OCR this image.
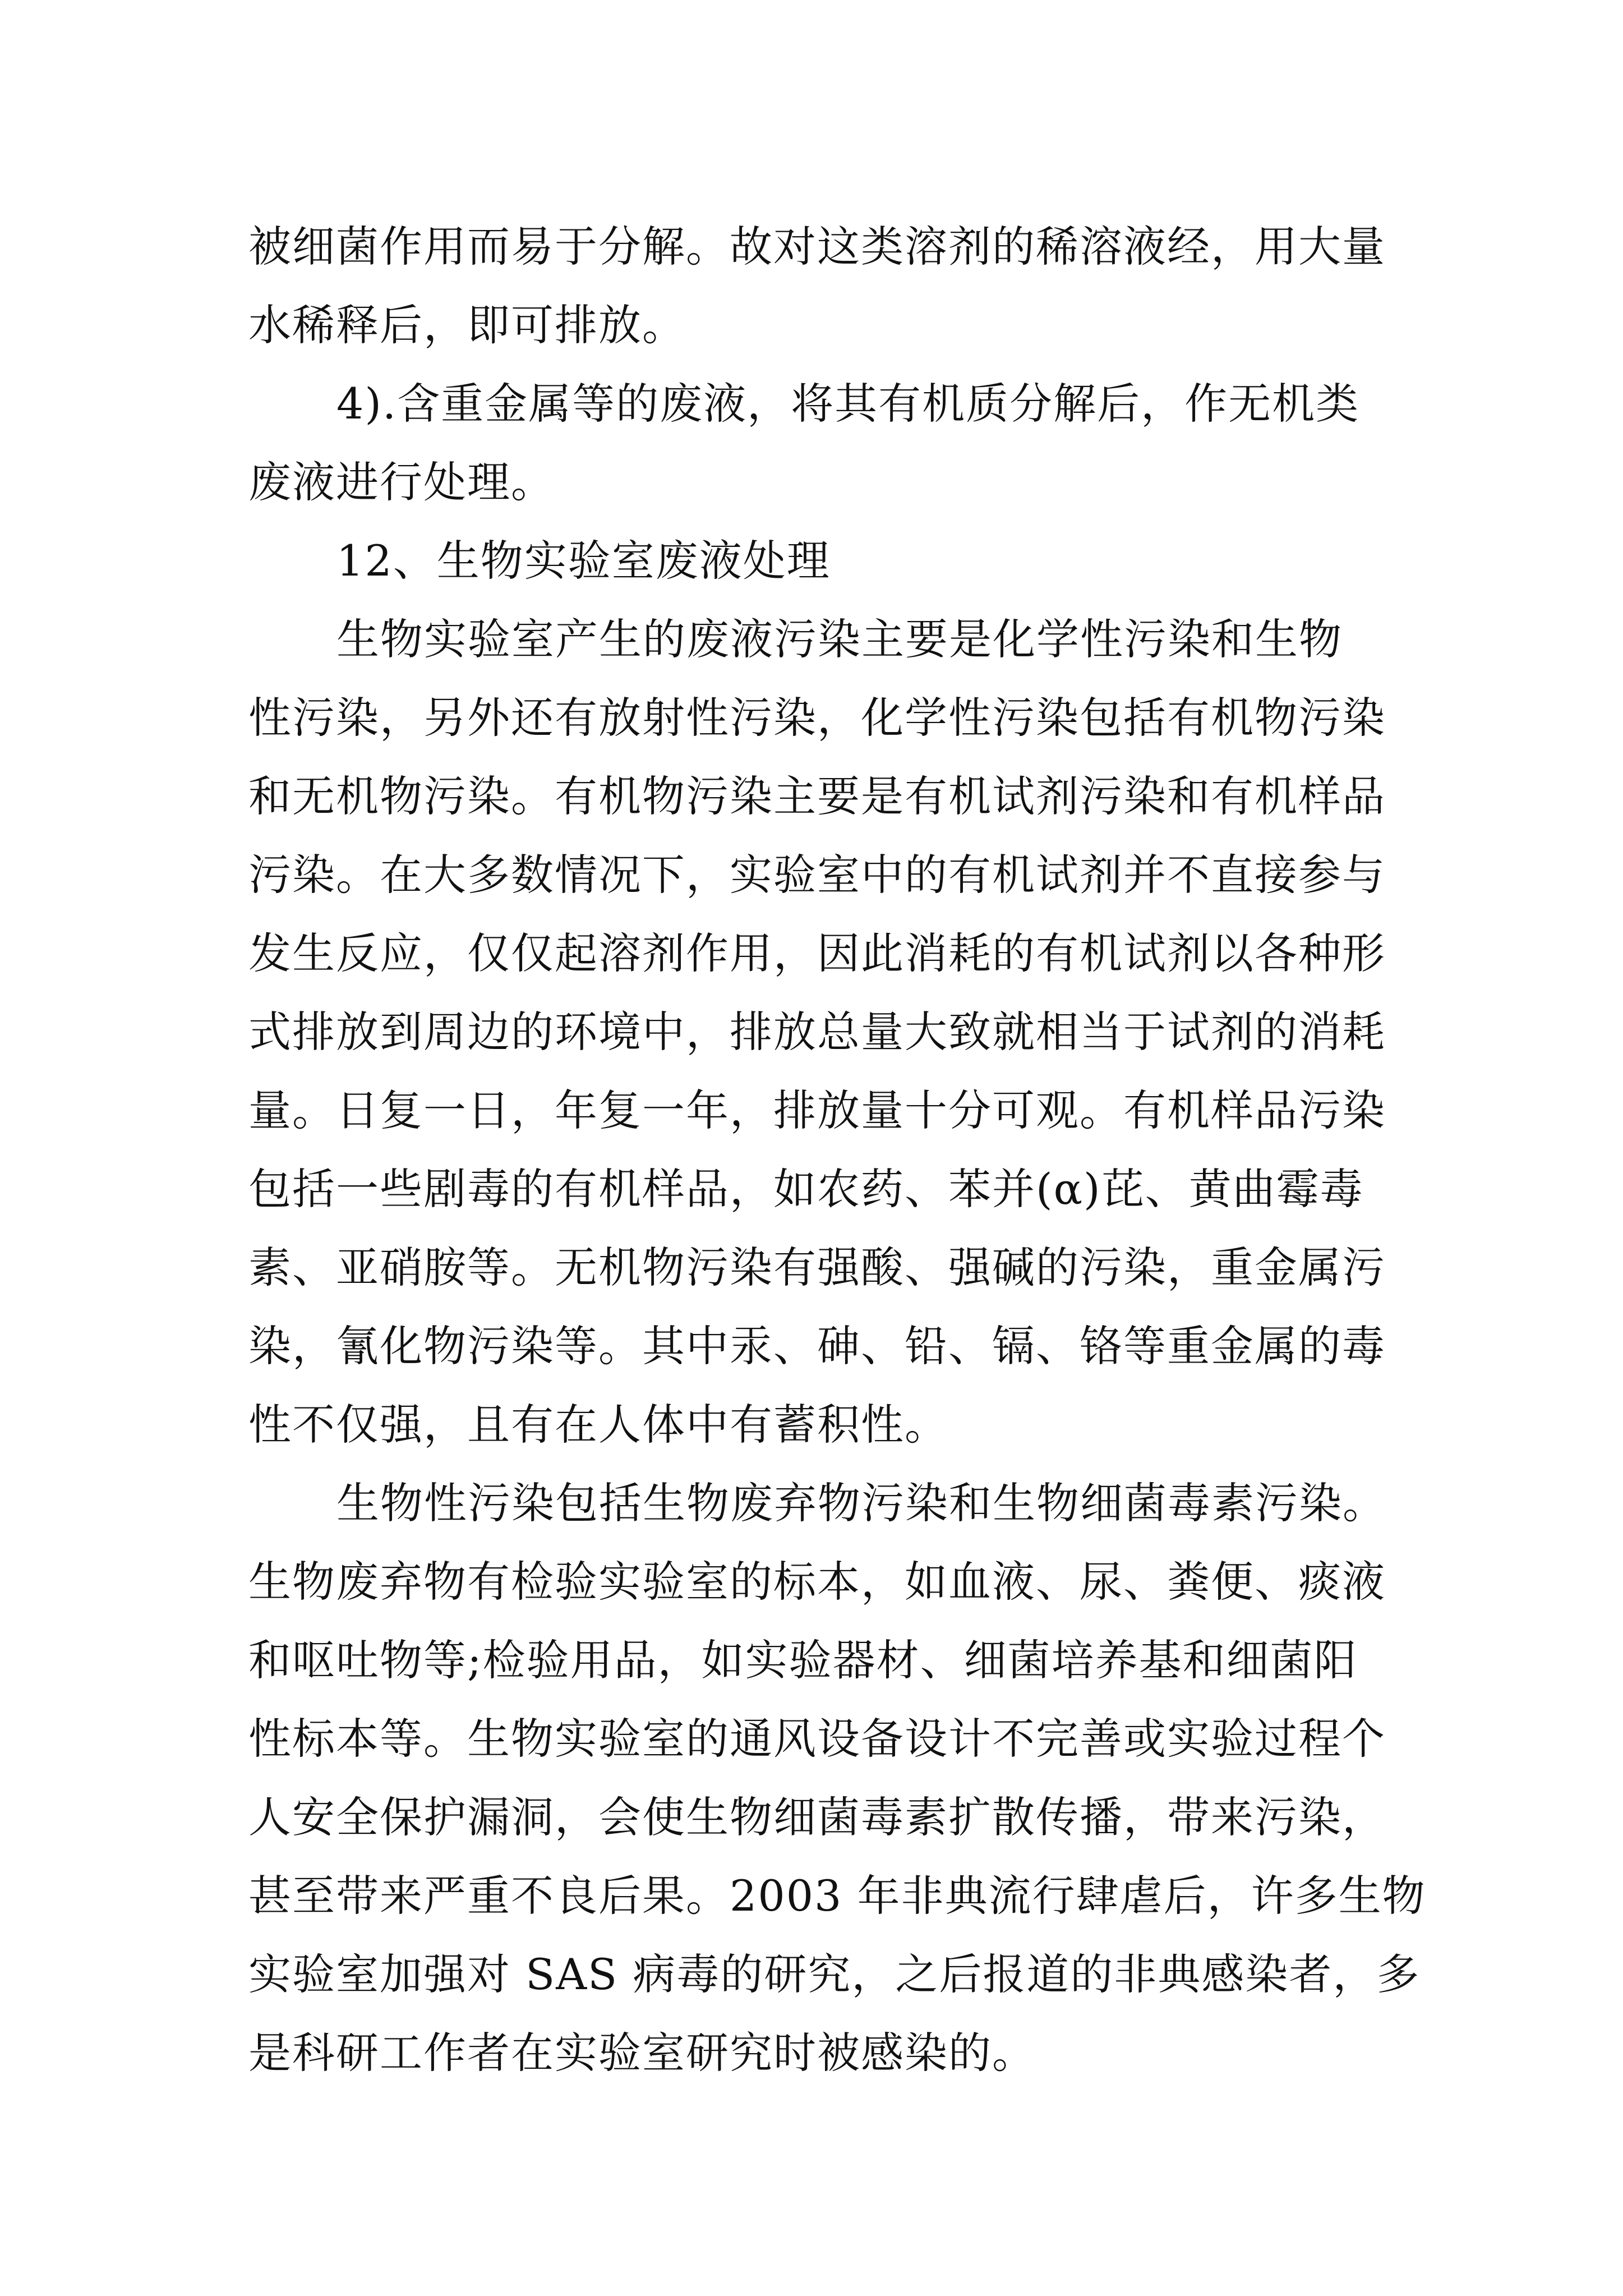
被细菌作用而易于分解。故对这类溶剂的稀溶液经，用大量
水稀释后，即可排放。
4).含重金属等的废液，将其有机质分解后，作无机类
废液进行处理。
12、生物实验室废液处理
生物实验室产生的废液污染主要是化学性污染和生物
性污染，另外还有放射性污染，化学性污染包括有机物污染
和无机物污染。有机物污染主要是有机试剂污染和有机样品
污染。在大多数情况下，实验室中的有机试剂并不直接参与
发生反应，仅仅起溶剂作用，因此消耗的有机试剂以各种形
式排放到周边的环境中，排放总量大致就相当于试剂的消耗
量。日复一日，年复一年，排放量十分可观。有机样品污染
包括一些剧毒的有机样品，如农药、苯并(α)芘、黄曲霉毒
素、亚硝胺等。无机物污染有强酸、强碱的污染，重金属污
染，氰化物污染等。其中汞、砷、铅、镉、铬等重金属的毒
性不仅强，且有在人体中有蓄积性。
生物性污染包括生物废弃物污染和生物细菌毒素污染。
生物废弃物有检验实验室的标本，如血液、尿、粪便、痰液
和呕吐物等;检验用品，如实验器材、细菌培养基和细菌阳
性标本等。生物实验室的通风设备设计不完善或实验过程个
人安全保护漏洞，会使生物细菌毒素扩散传播，带来污染，
甚至带来严重不良后果。2003 年非典流行肆虐后，许多生物
实验室加强对 SAS 病毒的研究，之后报道的非典感染者，多
是科研工作者在实验室研究时被感染的。
